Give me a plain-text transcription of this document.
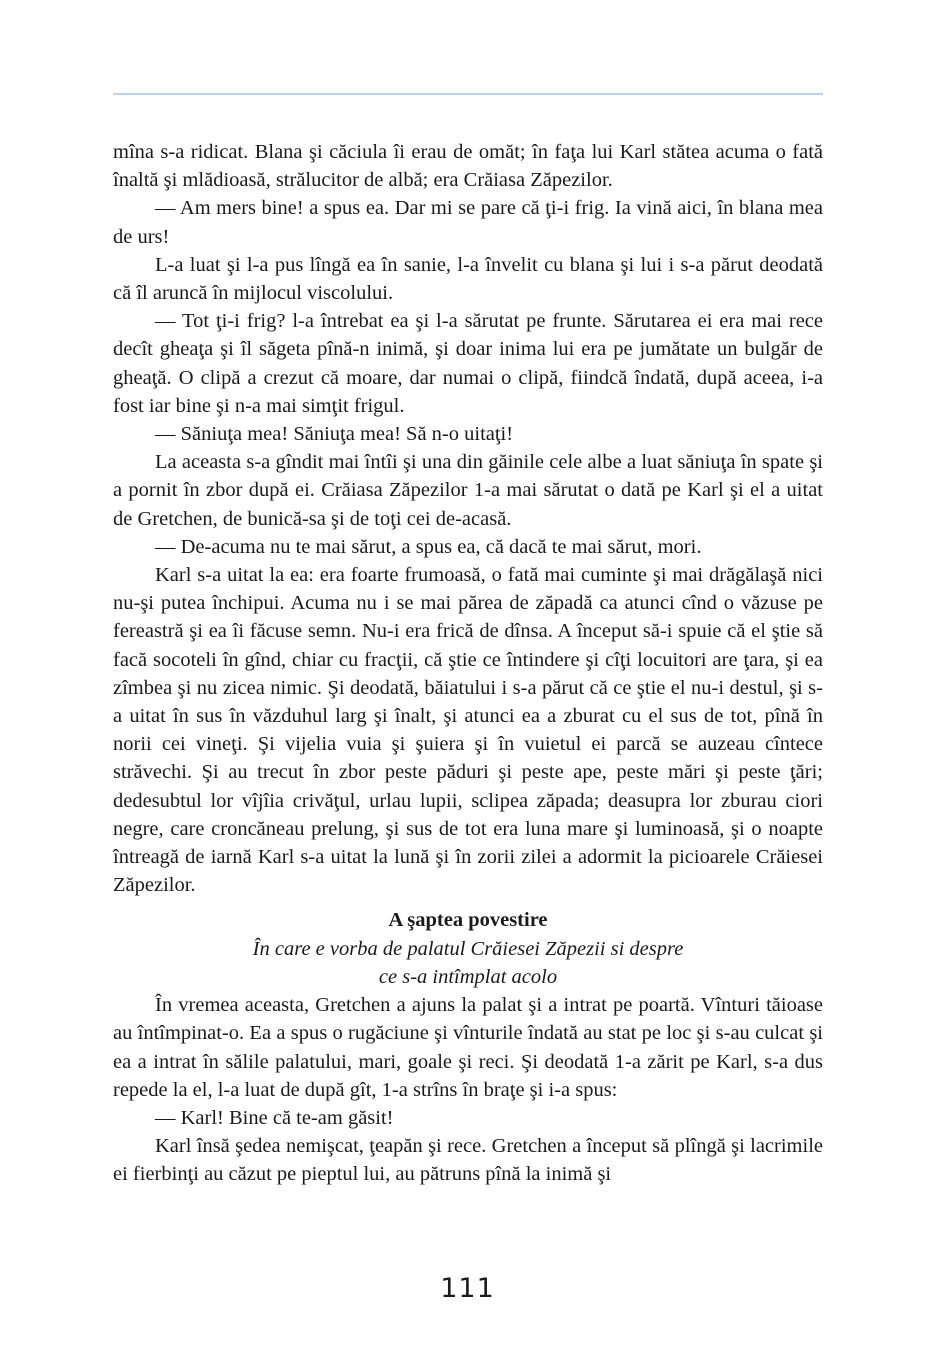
mîna s-a ridicat. Blana şi căciula îi erau de omăt; în faţa lui Karl stătea acuma o fată înaltă şi mlădioasă, strălucitor de albă; era Crăiasa Zăpezilor.

— Am mers bine! a spus ea. Dar mi se pare că ţi-i frig. Ia vină aici, în blana mea de urs!

L-a luat şi l-a pus lîngă ea în sanie, l-a învelit cu blana şi lui i s-a părut deodată că îl aruncă în mijlocul viscolului.

— Tot ţi-i frig? l-a întrebat ea şi l-a sărutat pe frunte. Sărutarea ei era mai rece decît gheaţa şi îl săgeta pînă-n inimă, şi doar inima lui era pe jumătate un bulgăr de gheaţă. O clipă a crezut că moare, dar numai o clipă, fiindcă îndată, după aceea, i-a fost iar bine şi n-a mai simţit frigul.

— Săniuţa mea! Săniuţa mea! Să n-o uitaţi!

La aceasta s-a gîndit mai întîi şi una din găinile cele albe a luat săniuţa în spate şi a pornit în zbor după ei. Crăiasa Zăpezilor 1-a mai sărutat o dată pe Karl şi el a uitat de Gretchen, de bunică-sa şi de toţi cei de-acasă.

— De-acuma nu te mai sărut, a spus ea, că dacă te mai sărut, mori.

Karl s-a uitat la ea: era foarte frumoasă, o fată mai cuminte şi mai drăgălaşă nici nu-şi putea închipui. Acuma nu i se mai părea de zăpadă ca atunci cînd o văzuse pe fereastră şi ea îi făcuse semn. Nu-i era frică de dînsa. A început să-i spuie că el ştie să facă socoteli în gînd, chiar cu fracţii, că ştie ce întindere şi cîţi locuitori are ţara, şi ea zîmbea şi nu zicea nimic. Şi deodată, băiatului i s-a părut că ce ştie el nu-i destul, şi s-a uitat în sus în văzduhul larg şi înalt, şi atunci ea a zburat cu el sus de tot, pînă în norii cei vineţi. Şi vijelia vuia şi şuiera şi în vuietul ei parcă se auzeau cîntece străvechi. Şi au trecut în zbor peste păduri şi peste ape, peste mări şi peste ţări; dedesubtul lor vîjîia crivăţul, urlau lupii, sclipea zăpada; deasupra lor zburau ciori negre, care croncăneau prelung, şi sus de tot era luna mare şi luminoasă, şi o noapte întreagă de iarnă Karl s-a uitat la lună şi în zorii zilei a adormit la picioarele Crăiesei Zăpezilor.

A şaptea povestire

În care e vorba de palatul Crăiesei Zăpezii si despre

ce s-a intîmplat acolo

În vremea aceasta, Gretchen a ajuns la palat şi a intrat pe poartă. Vînturi tăioase au întîmpinat-o. Ea a spus o rugăciune şi vînturile îndată au stat pe loc şi s-au culcat şi ea a intrat în sălile palatului, mari, goale şi reci. Şi deodată 1-a zărit pe Karl, s-a dus repede la el, l-a luat de după gît, 1-a strîns în braţe şi i-a spus:

— Karl! Bine că te-am găsit!

Karl însă şedea nemişcat, ţeapăn şi rece. Gretchen a început să plîngă şi lacrimile ei fierbinţi au căzut pe pieptul lui, au pătruns pînă la inimă şi

111
